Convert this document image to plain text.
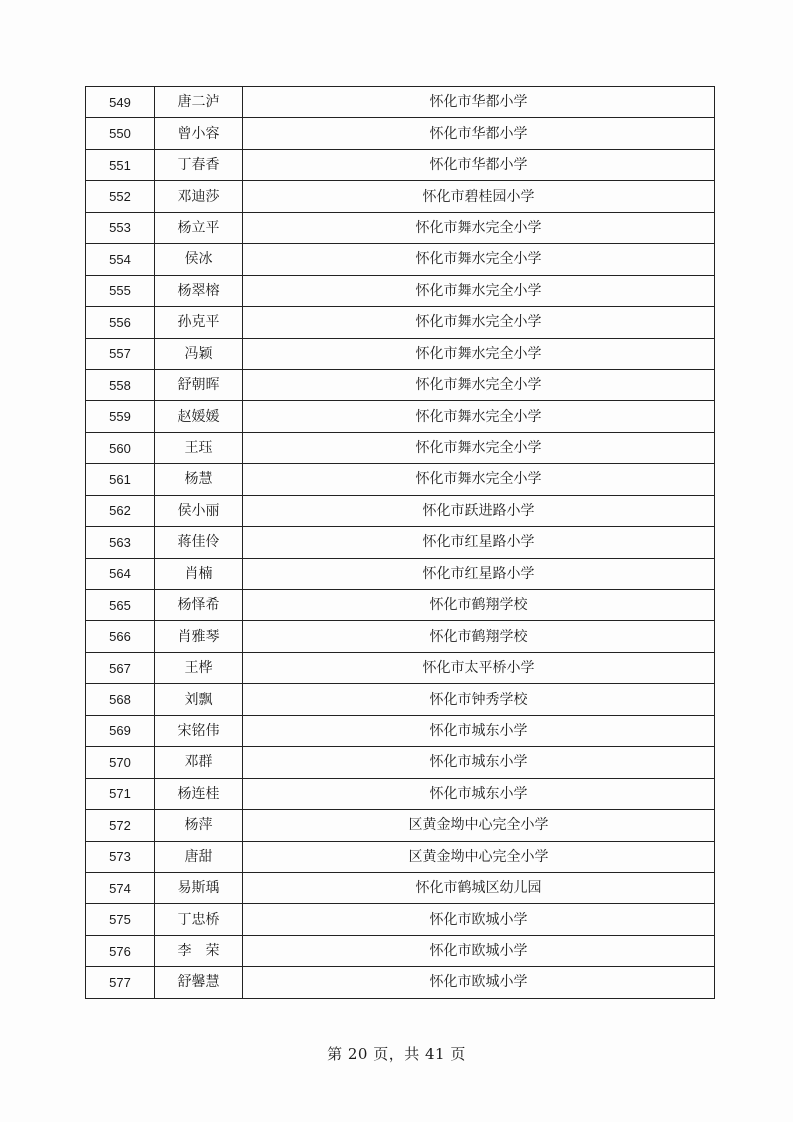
549	唐二泸	怀化市华都小学
550	曾小容	怀化市华都小学
551	丁春香	怀化市华都小学
552	邓迪莎	怀化市碧桂园小学
553	杨立平	怀化市舞水完全小学
554	侯冰	怀化市舞水完全小学
555	杨翠榕	怀化市舞水完全小学
556	孙克平	怀化市舞水完全小学
557	冯颖	怀化市舞水完全小学
558	舒朝晖	怀化市舞水完全小学
559	赵媛媛	怀化市舞水完全小学
560	王珏	怀化市舞水完全小学
561	杨慧	怀化市舞水完全小学
562	侯小丽	怀化市跃进路小学
563	蒋佳伶	怀化市红星路小学
564	肖楠	怀化市红星路小学
565	杨怿希	怀化市鹤翔学校
566	肖雅琴	怀化市鹤翔学校
567	王桦	怀化市太平桥小学
568	刘飘	怀化市钟秀学校
569	宋铭伟	怀化市城东小学
570	邓群	怀化市城东小学
571	杨连桂	怀化市城东小学
572	杨萍	区黄金坳中心完全小学
573	唐甜	区黄金坳中心完全小学
574	易斯瑀	怀化市鹤城区幼儿园
575	丁忠桥	怀化市欧城小学
576	李　荣	怀化市欧城小学
577	舒馨慧	怀化市欧城小学
第 20 页，共 41 页
